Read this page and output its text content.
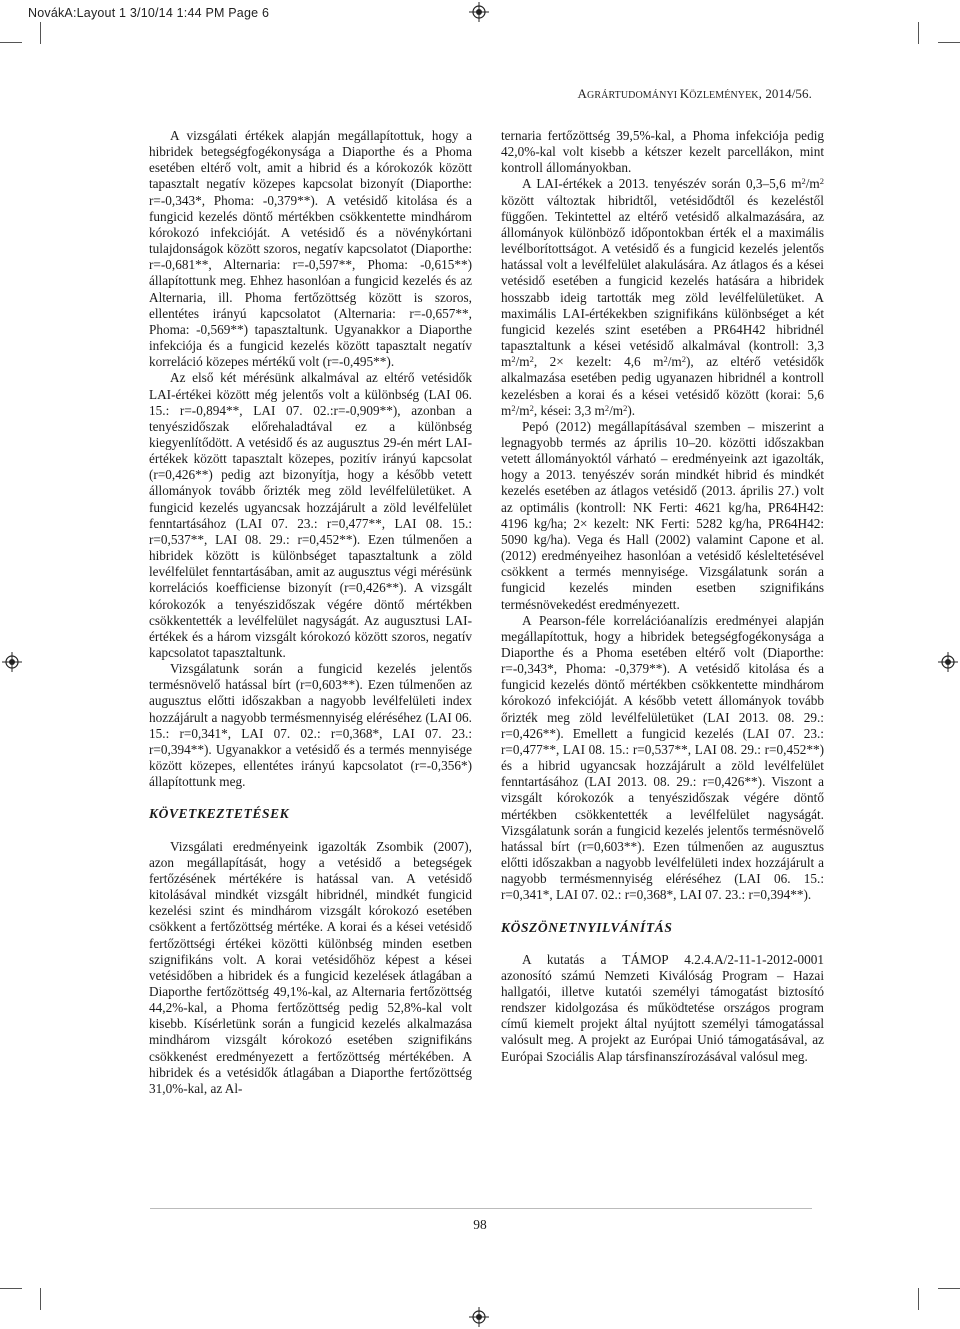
NovákA:Layout 1 3/10/14 1:44 PM Page 6
AGRÁRTUDOMÁNYI KÖZLEMÉNYEK, 2014/56.

A vizsgálati értékek alapján megállapítottuk, hogy a hibridek betegségfogékonysága a Diaporthe és a Phoma esetében eltérő volt, amit a hibrid és a kórokozók között tapasztalt negatív közepes kapcsolat bizonyít (Diaporthe: r=-0,343*, Phoma: -0,379**). A vetésidő kitolása és a fungicid kezelés döntő mértékben csökkentette mindhárom kórokozó infekcióját. A vetésidő és a növénykórtani tulajdonságok között szoros, negatív kapcsolatot (Diaporthe: r=-0,681**, Alternaria: r=-0,597**, Phoma: -0,615**) állapítottunk meg. Ehhez hasonlóan a fungicid kezelés és az Alternaria, ill. Phoma fertőzöttség között is szoros, ellentétes irányú kapcsolatot (Alternaria: r=-0,657**, Phoma: -0,569**) tapasztaltunk. Ugyanakkor a Diaporthe infekciója és a fungicid kezelés között tapasztalt negatív korreláció közepes mértékű volt (r=-0,495**).

Az első két mérésünk alkalmával az eltérő vetésidők LAI-értékei között még jelentős volt a különbség (LAI 06. 15.: r=-0,894**, LAI 07. 02.:r=-0,909**), azonban a tenyészidőszak előrehaladtával ez a különbség kiegyenlítődött. A vetésidő és az augusztus 29-én mért LAI-értékek között tapasztalt közepes, pozitív irányú kapcsolat (r=0,426**) pedig azt bizonyítja, hogy a később vetett állományok tovább őrizték meg zöld levélfelületüket. A fungicid kezelés ugyancsak hozzájárult a zöld levélfelület fenntartásához (LAI 07. 23.: r=0,477**, LAI 08. 15.: r=0,537**, LAI 08. 29.: r=0,452**). Ezen túlmenően a hibridek között is különbséget tapasztaltunk a zöld levélfelület fenntartásában, amit az augusztus végi mérésünk korrelációs koefficiense bizonyít (r=0,426**). A vizsgált kórokozók a tenyészidőszak végére döntő mértékben csökkentették a levélfelület nagyságát. Az augusztusi LAI-értékek és a három vizsgált kórokozó között szoros, negatív kapcsolatot tapasztaltunk.

Vizsgálatunk során a fungicid kezelés jelentős termésnövelő hatással bírt (r=0,603**). Ezen túlmenően az augusztus előtti időszakban a nagyobb levélfelületi index hozzájárult a nagyobb termésmennyiség eléréséhez (LAI 06. 15.: r=0,341*, LAI 07. 02.: r=0,368*, LAI 07. 23.: r=0,394**). Ugyanakkor a vetésidő és a termés mennyisége között közepes, ellentétes irányú kapcsolatot (r=-0,356*) állapítottunk meg.

KÖVETKEZTETÉSEK

Vizsgálati eredményeink igazolták Zsombik (2007), azon megállapítását, hogy a vetésidő a betegségek fertőzésének mértékére is hatással van. A vetésidő kitolásával mindkét vizsgált hibridnél, mindkét fungicid kezelési szint és mindhárom vizsgált kórokozó esetében csökkent a fertőzöttség mértéke. A korai és a kései vetésidő fertőzöttségi értékei közötti különbség minden esetben szignifikáns volt. A korai vetésidőhöz képest a kései vetésidőben a hibridek és a fungicid kezelések átlagában a Diaporthe fertőzöttség 49,1%-kal, az Alternaria fertőzöttség 44,2%-kal, a Phoma fertőzöttség pedig 52,8%-kal volt kisebb. Kísérletünk során a fungicid kezelés alkalmazása mindhárom vizsgált kórokozó esetében szignifikáns csökkenést eredményezett a fertőzöttség mértékében. A hibridek és a vetésidők átlagában a Diaporthe fertőzöttség 31,0%-kal, az Al-

ternaria fertőzöttség 39,5%-kal, a Phoma infekciója pedig 42,0%-kal volt kisebb a kétszer kezelt parcellákon, mint kontroll állományokban.

A LAI-értékek a 2013. tenyészév során 0,3–5,6 $m^2/m^2$ között változtak hibridtől, vetésidődtől és kezeléstől függően. Tekintettel az eltérő vetésidő alkalmazására, az állományok különböző időpontokban érték el a maximális levélborítottságot. A vetésidő és a fungicid kezelés jelentős hatással volt a levélfelület alakulására. Az átlagos és a kései vetésidő esetében a fungicid kezelés hatására a hibridek hosszabb ideig tartották meg zöld levélfelületüket. A maximális LAI-értékekben szignifikáns különbséget a két fungicid kezelés szint esetében a PR64H42 hibridnél tapasztaltunk a kései vetésidő alkalmával (kontroll: 3,3 $m^2/m^2$, 2× kezelt: 4,6 $m^2/m^2$), az eltérő vetésidők alkalmazása esetében pedig ugyanazen hibridnél a kontroll kezelésben a korai és a kései vetésidő között (korai: 5,6 $m^2/m^2$, kései: 3,3 $m^2/m^2$).

Pepó (2012) megállapításával szemben – miszerint a legnagyobb termés az április 10–20. közötti időszakban vetett állományoktól várható – eredményeink azt igazolták, hogy a 2013. tenyészév során mindkét hibrid és mindkét kezelés esetében az átlagos vetésidő (2013. április 27.) volt az optimális (kontroll: NK Ferti: 4621 kg/ha, PR64H42: 4196 kg/ha; 2× kezelt: NK Ferti: 5282 kg/ha, PR64H42: 5090 kg/ha). Vega és Hall (2002) valamint Capone et al. (2012) eredményeihez hasonlóan a vetésidő késleltetésével csökkent a termés mennyisége. Vizsgálatunk során a fungicid kezelés minden esetben szignifikáns termésnövekedést eredményezett.

A Pearson-féle korrelációanalízis eredményei alapján megállapítottuk, hogy a hibridek betegségfogékonysága a Diaporthe és a Phoma esetében eltérő volt (Diaporthe: r=-0,343*, Phoma: -0,379**). A vetésidő kitolása és a fungicid kezelés döntő mértékben csökkentette mindhárom kórokozó infekcióját. A később vetett állományok tovább őrizték meg zöld levélfelületüket (LAI 2013. 08. 29.: r=0,426**). Emellett a fungicid kezelés (LAI 07. 23.: r=0,477**, LAI 08. 15.: r=0,537**, LAI 08. 29.: r=0,452**) és a hibrid ugyancsak hozzájárult a zöld levélfelület fenntartásához (LAI 2013. 08. 29.: r=0,426**). Viszont a vizsgált kórokozók a tenyészidőszak végére döntő mértékben csökkentették a levélfelület nagyságát. Vizsgálatunk során a fungicid kezelés jelentős termésnövelő hatással bírt (r=0,603**). Ezen túlmenően az augusztus előtti időszakban a nagyobb levélfelületi index hozzájárult a nagyobb termésmennyiség eléréséhez (LAI 06. 15.: r=0,341*, LAI 07. 02.: r=0,368*, LAI 07. 23.: r=0,394**).

KÖSZÖNETNYILVÁNÍTÁS

A kutatás a TÁMOP 4.2.4.A/2-11-1-2012-0001 azonosító számú Nemzeti Kiválóság Program – Hazai hallgatói, illetve kutatói személyi támogatást biztosító rendszer kidolgozása és működtetése országos program című kiemelt projekt által nyújtott személyi támogatással valósult meg. A projekt az Európai Unió támogatásával, az Európai Szociális Alap társfinanszírozásával valósul meg.

98
